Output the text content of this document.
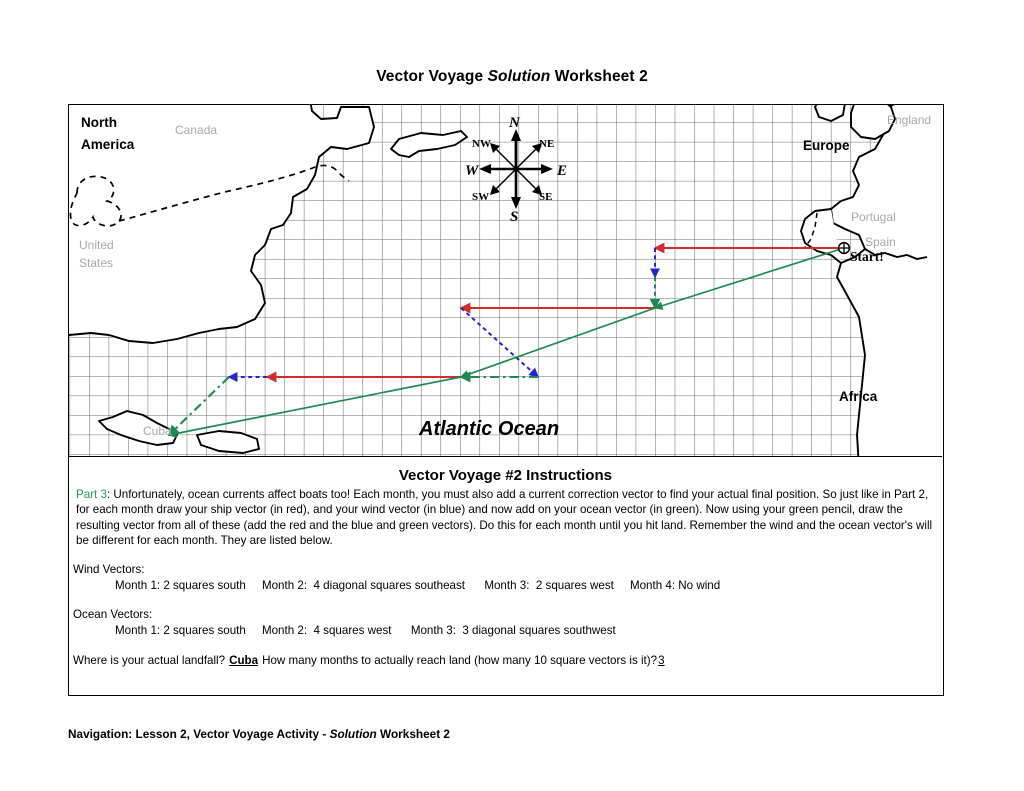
Vector Voyage Solution Worksheet 2
N
S
E
W
NW	NE
SW	SE
North
America
Canada
United
States
Europe
England
Portugal
Spain
Africa
Cuba	Atlantic Ocean
Start!
Vector Voyage #2 Instructions

Part 3: Unfortunately, ocean currents affect boats too! Each month, you must also add a current correction vector to find your actual final position. So just like in Part 2, for each month draw your ship vector (in red), and your wind vector (in blue) and now add on your ocean vector (in green). Now using your green pencil, draw the resulting vector from all of these (add the red and the blue and green vectors). Do this for each month until you hit land. Remember the wind and the ocean vector's will be different for each month. They are listed below.

Wind Vectors:
Month 1: 2 squares south Month 2:  4 diagonal squares southeast Month 3:  2 squares west Month 4: No wind
Ocean Vectors:
Month 1: 2 squares south Month 2:  4 squares west Month 3:  3 diagonal squares southwest
Where is your actual landfall? Cuba How many months to actually reach land (how many 10 square vectors is it)?3
Navigation: Lesson 2, Vector Voyage Activity - Solution Worksheet 2
